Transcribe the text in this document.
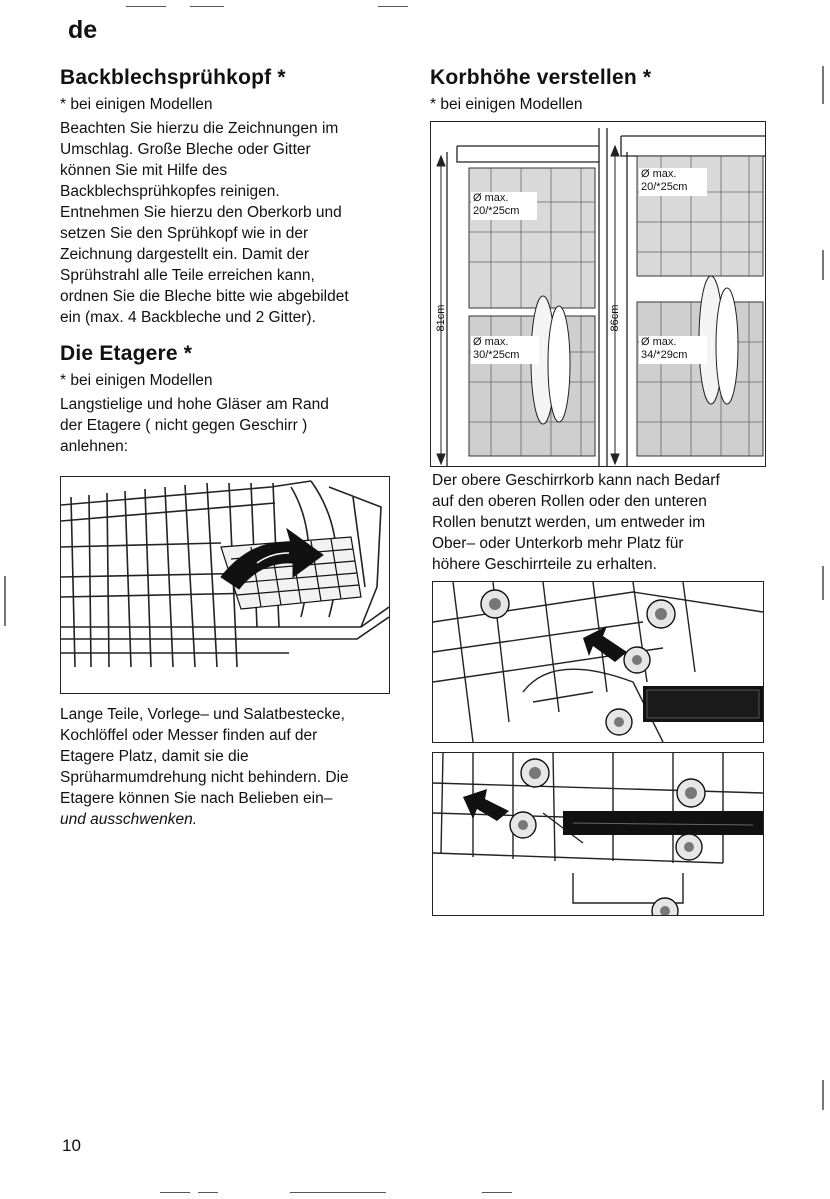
de
Backblechsprühkopf *
* bei einigen Modellen
Beachten Sie hierzu die Zeichnungen im
Umschlag. Große Bleche oder Gitter
können Sie mit Hilfe des
Backblechsprühkopfes reinigen.
Entnehmen Sie hierzu den Oberkorb und
setzen Sie den Sprühkopf wie in der
Zeichnung dargestellt ein. Damit der
Sprühstrahl alle Teile erreichen kann,
ordnen Sie die Bleche bitte wie abgebildet
ein (max. 4 Backbleche und 2 Gitter).
Die Etagere *
* bei einigen Modellen
Langstielige und hohe Gläser am Rand
der Etagere ( nicht gegen Geschirr )
anlehnen:
Lange Teile, Vorlege– und Salatbestecke,
Kochlöffel oder Messer finden auf der
Etagere Platz, damit sie die
Sprüharmumdrehung nicht behindern. Die
Etagere können Sie nach Belieben ein–
und ausschwenken.
Korbhöhe verstellen *
* bei einigen Modellen
Ø max.
20/*25cm
Ø max.
30/*25cm
Ø max.
20/*25cm
Ø max.
34/*29cm
81cm	86cm
Der obere Geschirrkorb kann nach Bedarf
auf den oberen Rollen oder den unteren
Rollen benutzt werden, um entweder im
Ober– oder Unterkorb mehr Platz für
höhere Geschirrteile zu erhalten.
10
